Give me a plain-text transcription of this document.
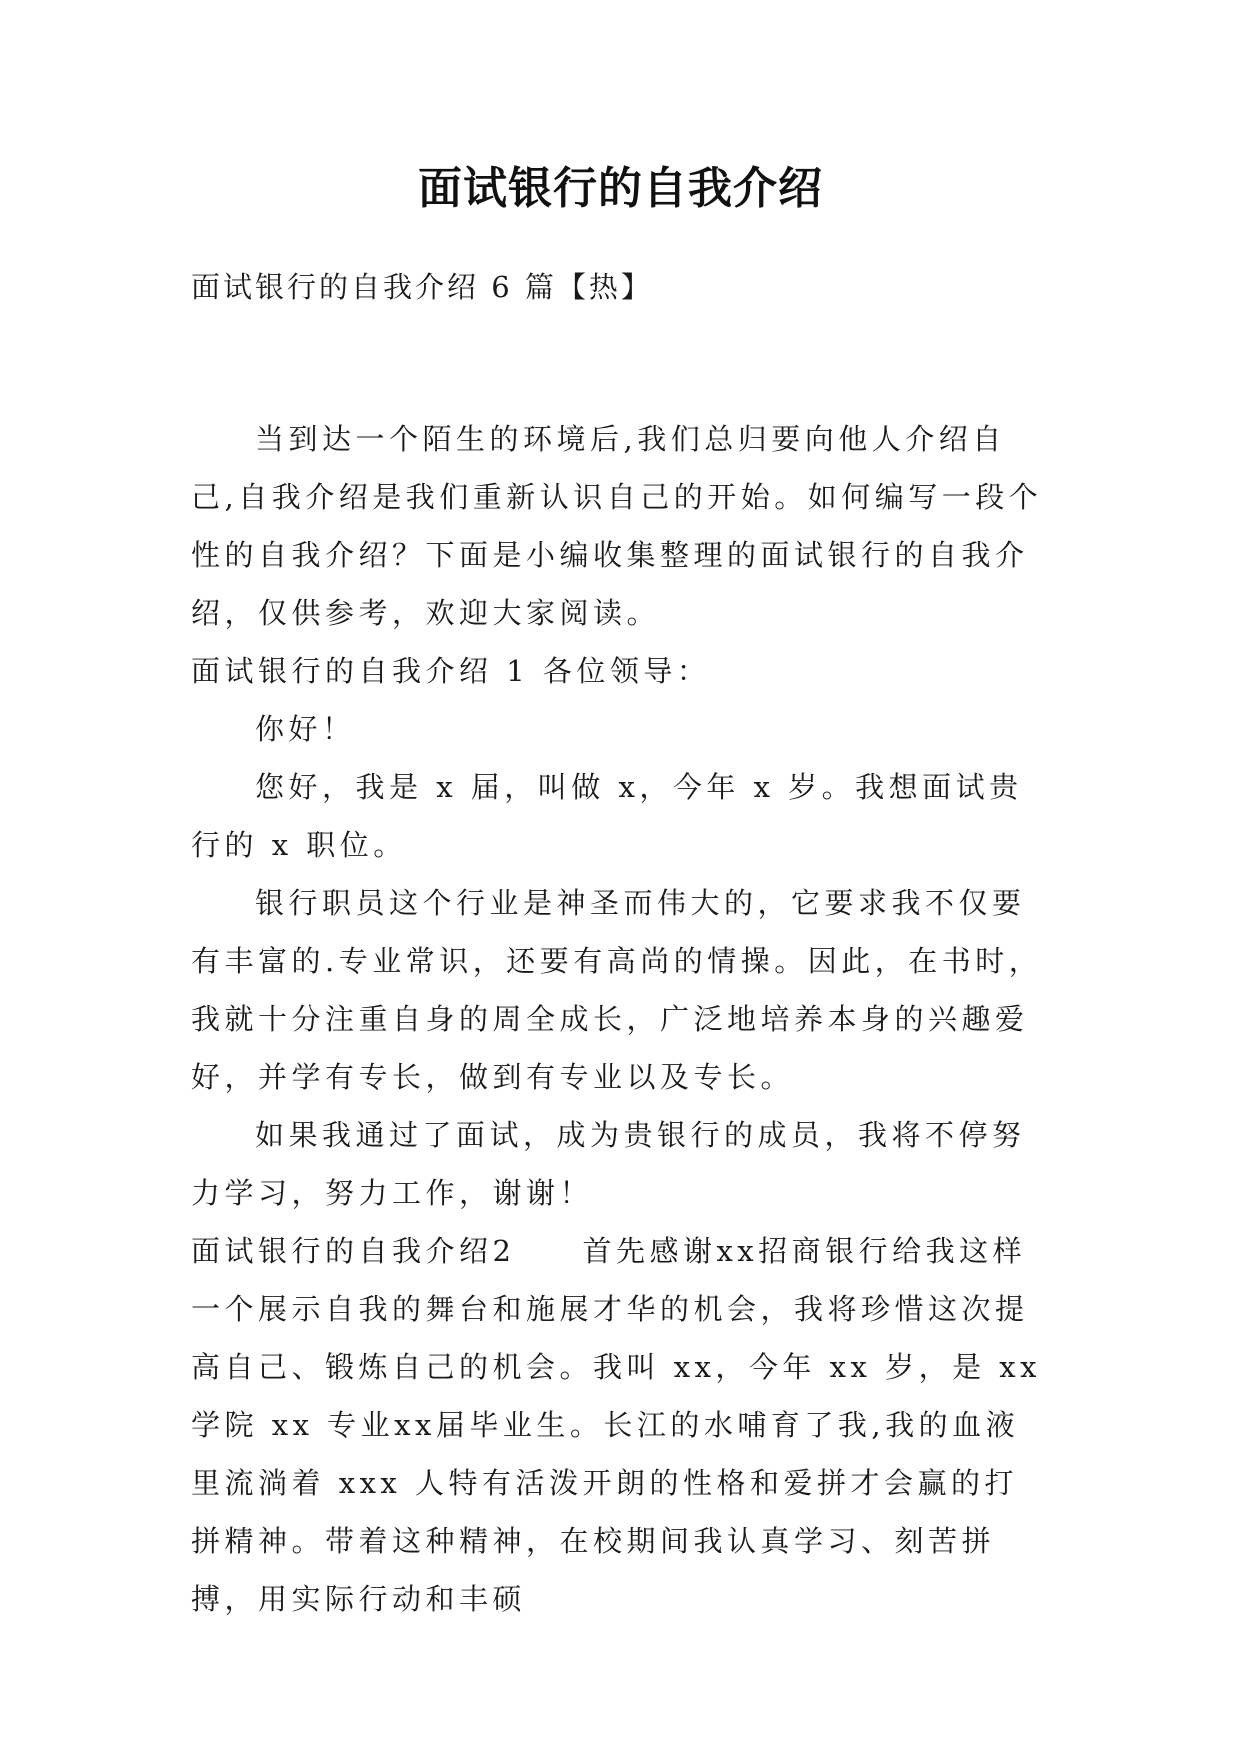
面试银行的自我介绍
面试银行的自我介绍 6 篇【热】

当到达一个陌生的环境后,我们总归要向他人介绍自己,自我介绍是我们重新认识自己的开始。如何编写一段个性的自我介绍？下面是小编收集整理的面试银行的自我介绍，仅供参考，欢迎大家阅读。

面试银行的自我介绍 1 各位领导：

你好！

您好，我是 x 届，叫做 x，今年 x 岁。我想面试贵行的 x 职位。

银行职员这个行业是神圣而伟大的，它要求我不仅要有丰富的.专业常识，还要有高尚的情操。因此，在书时，我就十分注重自身的周全成长，广泛地培养本身的兴趣爱好，并学有专长，做到有专业以及专长。

如果我通过了面试，成为贵银行的成员，我将不停努力学习，努力工作，谢谢！

面试银行的自我介绍2　　首先感谢xx招商银行给我这样一个展示自我的舞台和施展才华的机会，我将珍惜这次提高自己、锻炼自己的机会。我叫 xx，今年 xx 岁，是 xx 学院 xx 专业xx届毕业生。长江的水哺育了我,我的血液里流淌着 xxx 人特有活泼开朗的性格和爱拼才会赢的打拼精神。带着这种精神，在校期间我认真学习、刻苦拼搏，用实际行动和丰硕
